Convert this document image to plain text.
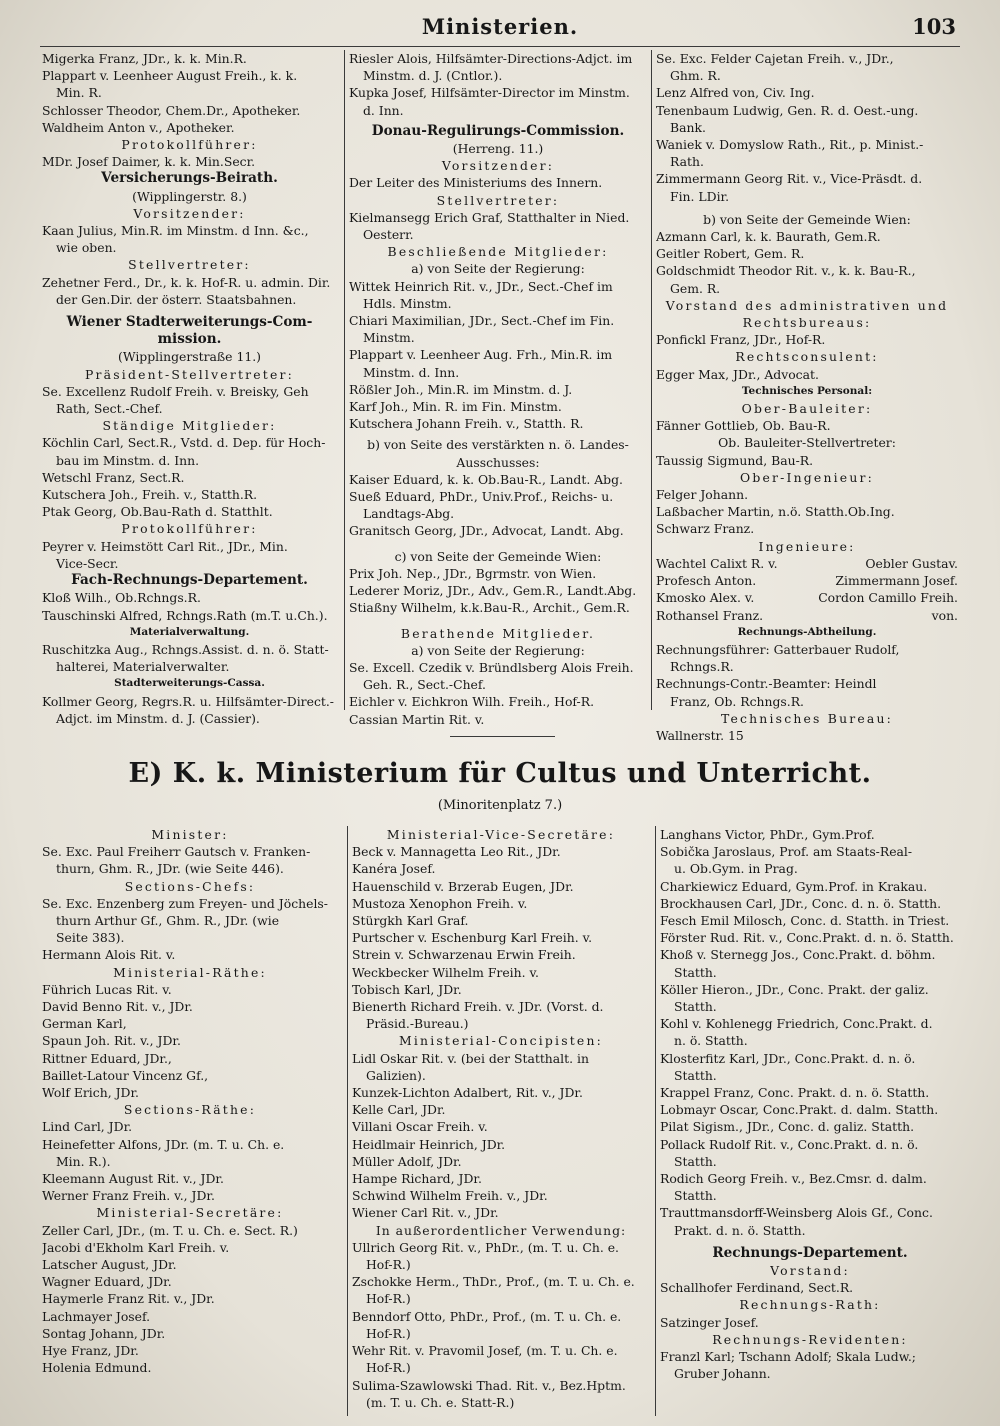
Ministerien.	103
Migerka Franz, JDr., k. k. Min.R.
Plappart v. Leenheer August Freih., k. k.
Min. R.
Schlosser Theodor, Chem.Dr., Apotheker.
Waldheim Anton v., Apotheker.
Protokollführer:
MDr. Josef Daimer, k. k. Min.Secr.
Versicherungs-Beirath.
(Wipplingerstr. 8.)
Vorsitzender:
Kaan Julius, Min.R. im Minstm. d Inn. &c.,
wie oben.
Stellvertreter:
Zehetner Ferd., Dr., k. k. Hof-R. u. admin. Dir.
der Gen.Dir. der österr. Staatsbahnen.
Wiener Stadterweiterungs-Com-
mission.
(Wipplingerstraße 11.)
Präsident-Stellvertreter:
Se. Excellenz Rudolf Freih. v. Breisky, Geh
Rath, Sect.-Chef.
Ständige Mitglieder:
Köchlin Carl, Sect.R., Vstd. d. Dep. für Hoch-
bau im Minstm. d. Inn.
Wetschl Franz, Sect.R.
Kutschera Joh., Freih. v., Statth.R.
Ptak Georg, Ob.Bau-Rath d. Statthlt.
Protokollführer:
Peyrer v. Heimstött Carl Rit., JDr., Min.
Vice-Secr.
Fach-Rechnungs-Departement.
Kloß Wilh., Ob.Rchngs.R.
Tauschinski Alfred, Rchngs.Rath (m.T. u.Ch.).
Materialverwaltung.
Ruschitzka Aug., Rchngs.Assist. d. n. ö. Statt-
halterei, Materialverwalter.
Stadterweiterungs-Cassa.
Kollmer Georg, Regrs.R. u. Hilfsämter-Direct.-
Adjct. im Minstm. d. J. (Cassier).
Riesler Alois, Hilfsämter-Directions-Adjct. im
Minstm. d. J. (Cntlor.).
Kupka Josef, Hilfsämter-Director im Minstm.
d. Inn.
Donau-Regulirungs-Commission.
(Herreng. 11.)
Vorsitzender:
Der Leiter des Ministeriums des Innern.
Stellvertreter:
Kielmansegg Erich Graf, Statthalter in Nied.
Oesterr.
Beschließende Mitglieder:
a) von Seite der Regierung:
Wittek Heinrich Rit. v., JDr., Sect.-Chef im
Hdls. Minstm.
Chiari Maximilian, JDr., Sect.-Chef im Fin.
Minstm.
Plappart v. Leenheer Aug. Frh., Min.R. im
Minstm. d. Inn.
Rößler Joh., Min.R. im Minstm. d. J.
Karf Joh., Min. R. im Fin. Minstm.
Kutschera Johann Freih. v., Statth. R.
b) von Seite des verstärkten n. ö. Landes-
Ausschusses:
Kaiser Eduard, k. k. Ob.Bau-R., Landt. Abg.
Sueß Eduard, PhDr., Univ.Prof., Reichs- u.
Landtags-Abg.
Granitsch Georg, JDr., Advocat, Landt. Abg.
c) von Seite der Gemeinde Wien:
Prix Joh. Nep., JDr., Bgrmstr. von Wien.
Lederer Moriz, JDr., Adv., Gem.R., Landt.Abg.
Stiaßny Wilhelm, k.k.Bau-R., Archit., Gem.R.
Berathende Mitglieder.
a) von Seite der Regierung:
Se. Excell. Czedik v. Bründlsberg Alois Freih.
Geh. R., Sect.-Chef.
Eichler v. Eichkron Wilh. Freih., Hof-R.
Cassian Martin Rit. v.
Se. Exc. Felder Cajetan Freih. v., JDr.,
Ghm. R.
Lenz Alfred von, Civ. Ing.
Tenenbaum Ludwig, Gen. R. d. Oest.-ung.
Bank.
Waniek v. Domyslow Rath., Rit., p. Minist.-
Rath.
Zimmermann Georg Rit. v., Vice-Präsdt. d.
Fin. LDir.
b) von Seite der Gemeinde Wien:
Azmann Carl, k. k. Baurath, Gem.R.
Geitler Robert, Gem. R.
Goldschmidt Theodor Rit. v., k. k. Bau-R.,
Gem. R.
Vorstand des administrativen und
Rechtsbureaus:
Ponfickl Franz, JDr., Hof-R.
Rechtsconsulent:
Egger Max, JDr., Advocat.
Technisches Personal:
Ober-Bauleiter:
Fänner Gottlieb, Ob. Bau-R.
Ob. Bauleiter-Stellvertreter:
Taussig Sigmund, Bau-R.
Ober-Ingenieur:
Felger Johann.
Laßbacher Martin, n.ö. Statth.Ob.Ing.
Schwarz Franz.
Ingenieure:
Wachtel Calixt R. v.	Oebler Gustav.
Profesch Anton.	Zimmermann Josef.
Kmosko Alex. v.	Cordon Camillo Freih.
Rothansel Franz.	von.
Rechnungs-Abtheilung.
Rechnungsführer: Gatterbauer Rudolf,
Rchngs.R.
Rechnungs-Contr.-Beamter: Heindl
Franz, Ob. Rchngs.R.
Technisches Bureau:
Wallnerstr. 15
E) K. k. Ministerium für Cultus und Unterricht.
(Minoritenplatz 7.)
Minister:
Se. Exc. Paul Freiherr Gautsch v. Franken-
thurn, Ghm. R., JDr. (wie Seite 446).
Sections-Chefs:
Se. Exc. Enzenberg zum Freyen- und Jöchels-
thurn Arthur Gf., Ghm. R., JDr. (wie
Seite 383).
Hermann Alois Rit. v.
Ministerial-Räthe:
Führich Lucas Rit. v.
David Benno Rit. v., JDr.
German Karl,
Spaun Joh. Rit. v., JDr.
Rittner Eduard, JDr.,
Baillet-Latour Vincenz Gf.,
Wolf Erich, JDr.
Sections-Räthe:
Lind Carl, JDr.
Heinefetter Alfons, JDr. (m. T. u. Ch. e.
Min. R.).
Kleemann August Rit. v., JDr.
Werner Franz Freih. v., JDr.
Ministerial-Secretäre:
Zeller Carl, JDr., (m. T. u. Ch. e. Sect. R.)
Jacobi d'Ekholm Karl Freih. v.
Latscher August, JDr.
Wagner Eduard, JDr.
Haymerle Franz Rit. v., JDr.
Lachmayer Josef.
Sontag Johann, JDr.
Hye Franz, JDr.
Holenia Edmund.
Ministerial-Vice-Secretäre:
Beck v. Mannagetta Leo Rit., JDr.
Kanéra Josef.
Hauenschild v. Brzerab Eugen, JDr.
Mustoza Xenophon Freih. v.
Stürgkh Karl Graf.
Purtscher v. Eschenburg Karl Freih. v.
Strein v. Schwarzenau Erwin Freih.
Weckbecker Wilhelm Freih. v.
Tobisch Karl, JDr.
Bienerth Richard Freih. v. JDr. (Vorst. d.
Präsid.-Bureau.)
Ministerial-Concipisten:
Lidl Oskar Rit. v. (bei der Statthalt. in
Galizien).
Kunzek-Lichton Adalbert, Rit. v., JDr.
Kelle Carl, JDr.
Villani Oscar Freih. v.
Heidlmair Heinrich, JDr.
Müller Adolf, JDr.
Hampe Richard, JDr.
Schwind Wilhelm Freih. v., JDr.
Wiener Carl Rit. v., JDr.
In außerordentlicher Verwendung:
Ullrich Georg Rit. v., PhDr., (m. T. u. Ch. e.
Hof-R.)
Zschokke Herm., ThDr., Prof., (m. T. u. Ch. e.
Hof-R.)
Benndorf Otto, PhDr., Prof., (m. T. u. Ch. e.
Hof-R.)
Wehr Rit. v. Pravomil Josef, (m. T. u. Ch. e.
Hof-R.)
Sulima-Szawlowski Thad. Rit. v., Bez.Hptm.
(m. T. u. Ch. e. Statt-R.)
Langhans Victor, PhDr., Gym.Prof.
Sobička Jaroslaus, Prof. am Staats-Real-
u. Ob.Gym. in Prag.
Charkiewicz Eduard, Gym.Prof. in Krakau.
Brockhausen Carl, JDr., Conc. d. n. ö. Statth.
Fesch Emil Milosch, Conc. d. Statth. in Triest.
Förster Rud. Rit. v., Conc.Prakt. d. n. ö. Statth.
Khoß v. Sternegg Jos., Conc.Prakt. d. böhm.
Statth.
Köller Hieron., JDr., Conc. Prakt. der galiz.
Statth.
Kohl v. Kohlenegg Friedrich, Conc.Prakt. d.
n. ö. Statth.
Klosterfitz Karl, JDr., Conc.Prakt. d. n. ö.
Statth.
Krappel Franz, Conc. Prakt. d. n. ö. Statth.
Lobmayr Oscar, Conc.Prakt. d. dalm. Statth.
Pilat Sigism., JDr., Conc. d. galiz. Statth.
Pollack Rudolf Rit. v., Conc.Prakt. d. n. ö.
Statth.
Rodich Georg Freih. v., Bez.Cmsr. d. dalm.
Statth.
Trauttmansdorff-Weinsberg Alois Gf., Conc.
Prakt. d. n. ö. Statth.
Rechnungs-Departement.
Vorstand:
Schallhofer Ferdinand, Sect.R.
Rechnungs-Rath:
Satzinger Josef.
Rechnungs-Revidenten:
Franzl Karl; Tschann Adolf; Skala Ludw.;
Gruber Johann.
